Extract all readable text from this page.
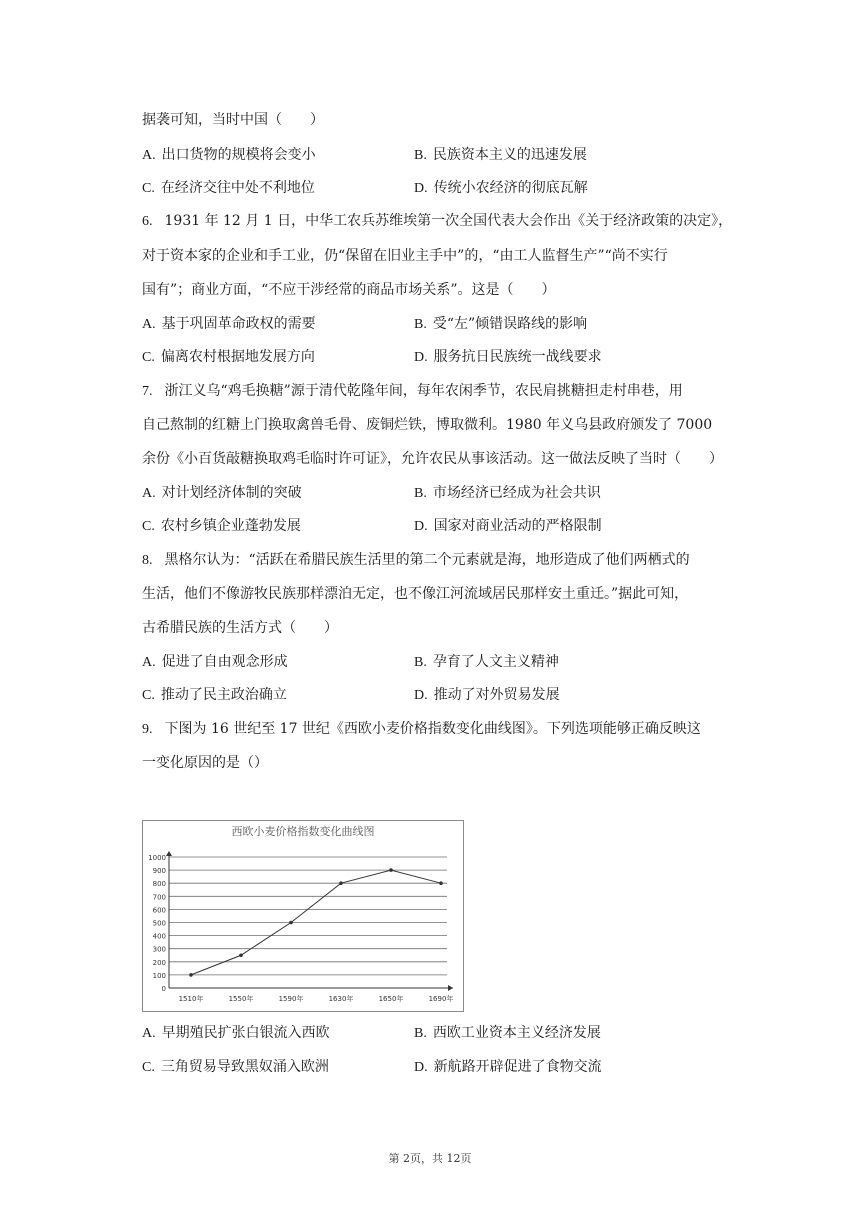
据袭可知，当时中国（　　）
A. 出口货物的规模将会变小	B. 民族资本主义的迅速发展
C. 在经济交往中处不利地位	D. 传统小农经济的彻底瓦解
6. 1931 年 12 月 1 日，中华工农兵苏维埃第一次全国代表大会作出《关于经济政策的决定》，
对于资本家的企业和手工业，仍“保留在旧业主手中”的，“由工人监督生产”“尚不实行
国有”；商业方面，“不应干涉经常的商品市场关系”。这是（　　）
A. 基于巩固革命政权的需要	B. 受“左”倾错误路线的影响
C. 偏离农村根据地发展方向	D. 服务抗日民族统一战线要求
7. 浙江义乌“鸡毛换糖”源于清代乾隆年间，每年农闲季节，农民肩挑糖担走村串巷，用
自己熬制的红糖上门换取禽兽毛骨、废铜烂铁，博取微利。1980 年义乌县政府颁发了 7000
余份《小百货敲糖换取鸡毛临时许可证》，允许农民从事该活动。这一做法反映了当时（　　）
A. 对计划经济体制的突破	B. 市场经济已经成为社会共识
C. 农村乡镇企业蓬勃发展	D. 国家对商业活动的严格限制
8. 黑格尔认为：“活跃在希腊民族生活里的第二个元素就是海，地形造成了他们两栖式的
生活，他们不像游牧民族那样漂泊无定，也不像江河流域居民那样安土重迁。”据此可知，
古希腊民族的生活方式（　　）
A. 促进了自由观念形成	B. 孕育了人文主义精神
C. 推动了民主政治确立	D. 推动了对外贸易发展
9. 下图为 16 世纪至 17 世纪《西欧小麦价格指数变化曲线图》。下列选项能够正确反映这
一变化原因的是（）
西欧小麦价格指数变化曲线图
0
100
200
300
400
500
600
700
800
900
1000
1510年	1550年	1590年	1630年	1650年	1690年
A. 早期殖民扩张白银流入西欧	B. 西欧工业资本主义经济发展
C. 三角贸易导致黑奴涌入欧洲	D. 新航路开辟促进了食物交流
第 2页，共 12页
